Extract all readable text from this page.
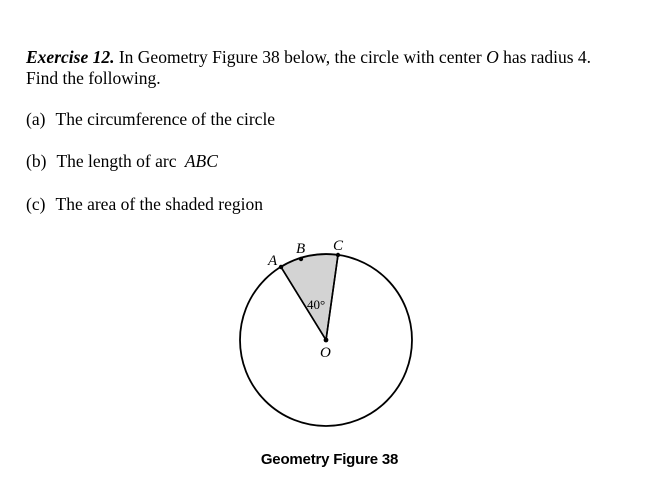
Exercise 12. In Geometry Figure 38 below, the circle with center O has radius 4. Find the following.
(a) The circumference of the circle
(b) The length of arc ABC
(c) The area of the shaded region
A
B C
O
40°
Geometry Figure 38
